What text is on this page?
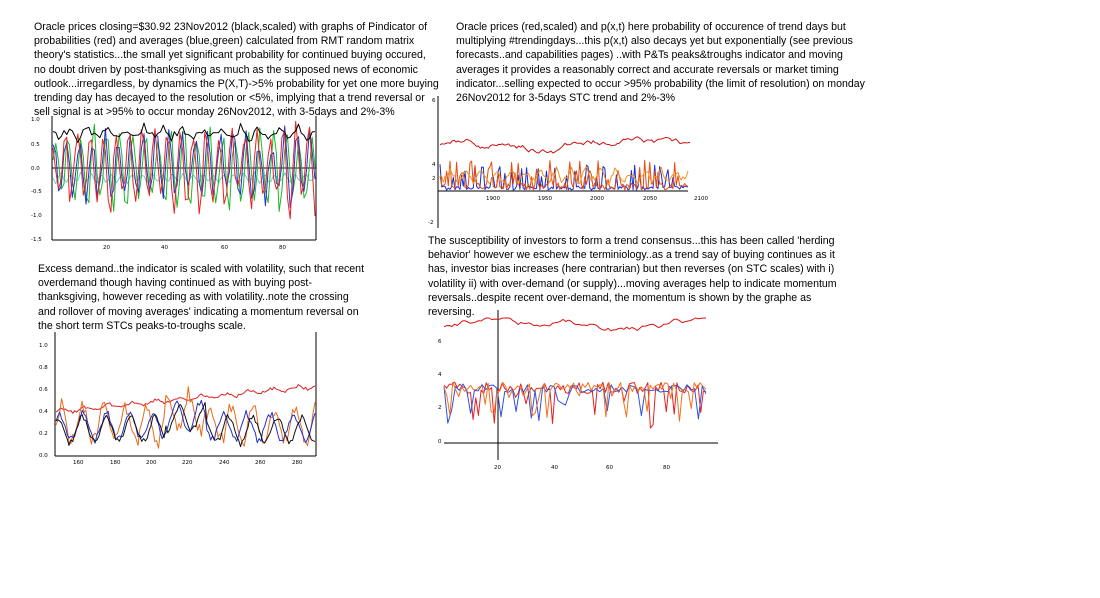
1.0
0.5
0.0
-0.5
-1.0
-1.5
20	40	60	80
6
4
2
-2
1900	1950	2000	2050	2100
1.0
0.8
0.6
0.4
0.2
0.0
160	180	200	220	240	260	280
6
4
2
0
20	40	60	80

Oracle prices closing=$30.92 23Nov2012 (black,scaled) with graphs of Pindicator of probabilities (red) and averages (blue,green) calculated from RMT random matrix theory's statistics...the small yet significant probability for continued buying occured, no doubt driven by post-thanksgiving as much as the supposed news of economic outlook...irregardless, by dynamics the P(X,T)->5% probability for yet one more buying trending day has decayed to the resolution or <5%, implying that a trend reversal or sell signal is at >95% to occur monday 26Nov2012, with 3-5days and 2%-3%

Oracle prices (red,scaled) and p(x,t) here probability of occurence of trend days but multiplying #trendingdays...this p(x,t) also decays yet but exponentially (see previous forecasts..and capabilities pages) ..with P&Ts peaks&troughs indicator and moving averages it provides a reasonably correct and accurate reversals or market timing indicator...selling expected to occur >95% probability (the limit of resolution) on monday 26Nov2012 for 3-5days STC trend and 2%-3%

Excess demand..the indicator is scaled with volatility, such that recent overdemand though having continued as with buying post-thanksgiving, however receding as with volatility..note the crossing and rollover of moving averages' indicating a momentum reversal on the short term STCs peaks-to-troughs scale.

The susceptibility of investors to form a trend consensus...this has been called 'herding behavior' however we eschew the terminiology..as a trend say of buying continues as it has, investor bias increases (here contrarian) but then reverses (on STC scales) with i) volatility ii) with over-demand (or supply)...moving averages help to indicate momentum reversals..despite recent over-demand, the momentum is shown by the graphe as reversing.
